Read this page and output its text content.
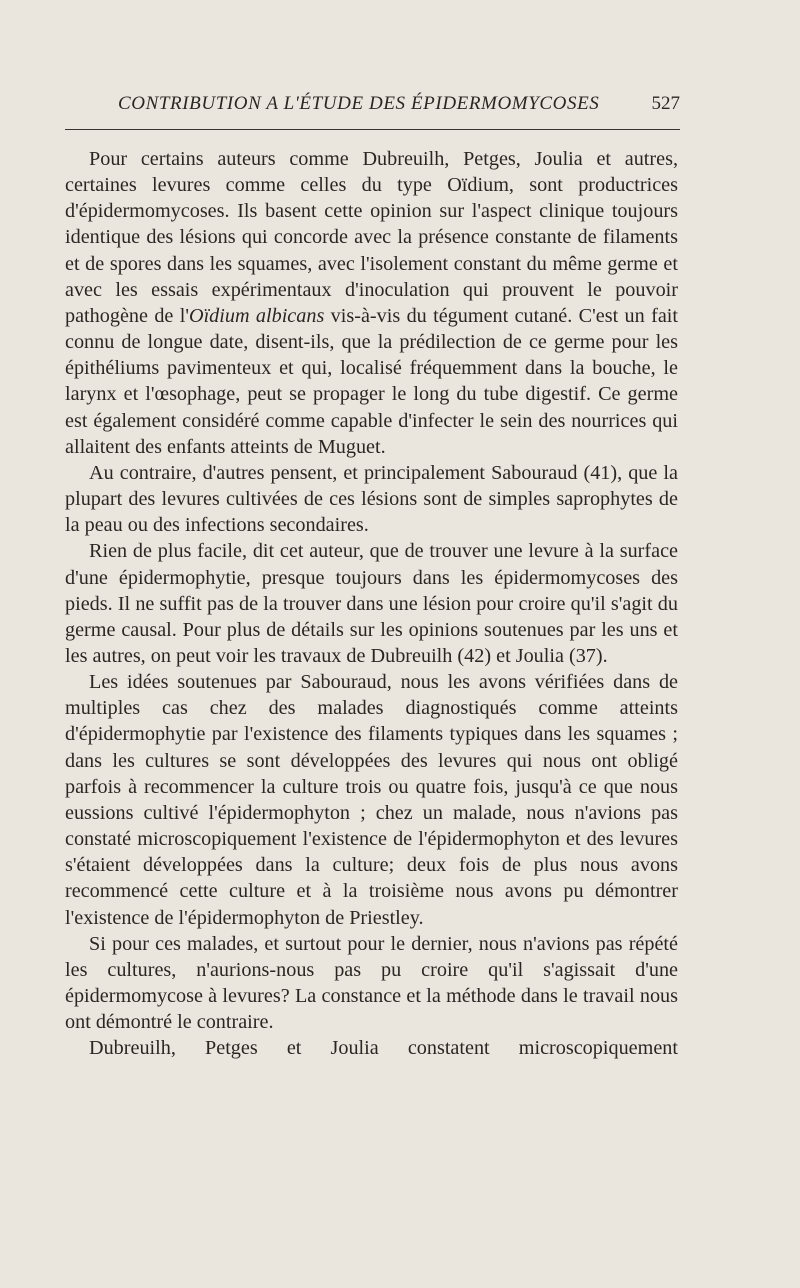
CONTRIBUTION A L'ÉTUDE DES ÉPIDERMOMYCOSES	527

Pour certains auteurs comme Dubreuilh, Petges, Joulia et autres, certaines levures comme celles du type Oïdium, sont productrices d'épidermomycoses. Ils basent cette opinion sur l'aspect clinique toujours identique des lésions qui concorde avec la présence constante de filaments et de spores dans les squames, avec l'isolement constant du même germe et avec les essais expérimentaux d'inoculation qui prouvent le pouvoir pathogène de l'Oïdium albicans vis-à-vis du tégument cutané. C'est un fait connu de longue date, disent-ils, que la prédilection de ce germe pour les épithéliums pavimenteux et qui, localisé fréquemment dans la bouche, le larynx et l'œsophage, peut se propager le long du tube digestif. Ce germe est également considéré comme capable d'infecter le sein des nourrices qui allaitent des enfants atteints de Muguet.

Au contraire, d'autres pensent, et principalement Sabouraud (41), que la plupart des levures cultivées de ces lésions sont de simples saprophytes de la peau ou des infections secondaires.

Rien de plus facile, dit cet auteur, que de trouver une levure à la surface d'une épidermophytie, presque toujours dans les épidermomycoses des pieds. Il ne suffit pas de la trouver dans une lésion pour croire qu'il s'agit du germe causal. Pour plus de détails sur les opinions soutenues par les uns et les autres, on peut voir les travaux de Dubreuilh (42) et Joulia (37).

Les idées soutenues par Sabouraud, nous les avons vérifiées dans de multiples cas chez des malades diagnostiqués comme atteints d'épidermophytie par l'existence des filaments typiques dans les squames ; dans les cultures se sont développées des levures qui nous ont obligé parfois à recommencer la culture trois ou quatre fois, jusqu'à ce que nous eussions cultivé l'épidermophyton ; chez un malade, nous n'avions pas constaté microscopiquement l'existence de l'épidermophyton et des levures s'étaient développées dans la culture; deux fois de plus nous avons recommencé cette culture et à la troisième nous avons pu démontrer l'existence de l'épidermophyton de Priestley.

Si pour ces malades, et surtout pour le dernier, nous n'avions pas répété les cultures, n'aurions-nous pas pu croire qu'il s'agissait d'une épidermomycose à levures? La constance et la méthode dans le travail nous ont démontré le contraire.

Dubreuilh, Petges et Joulia constatent microscopiquement
